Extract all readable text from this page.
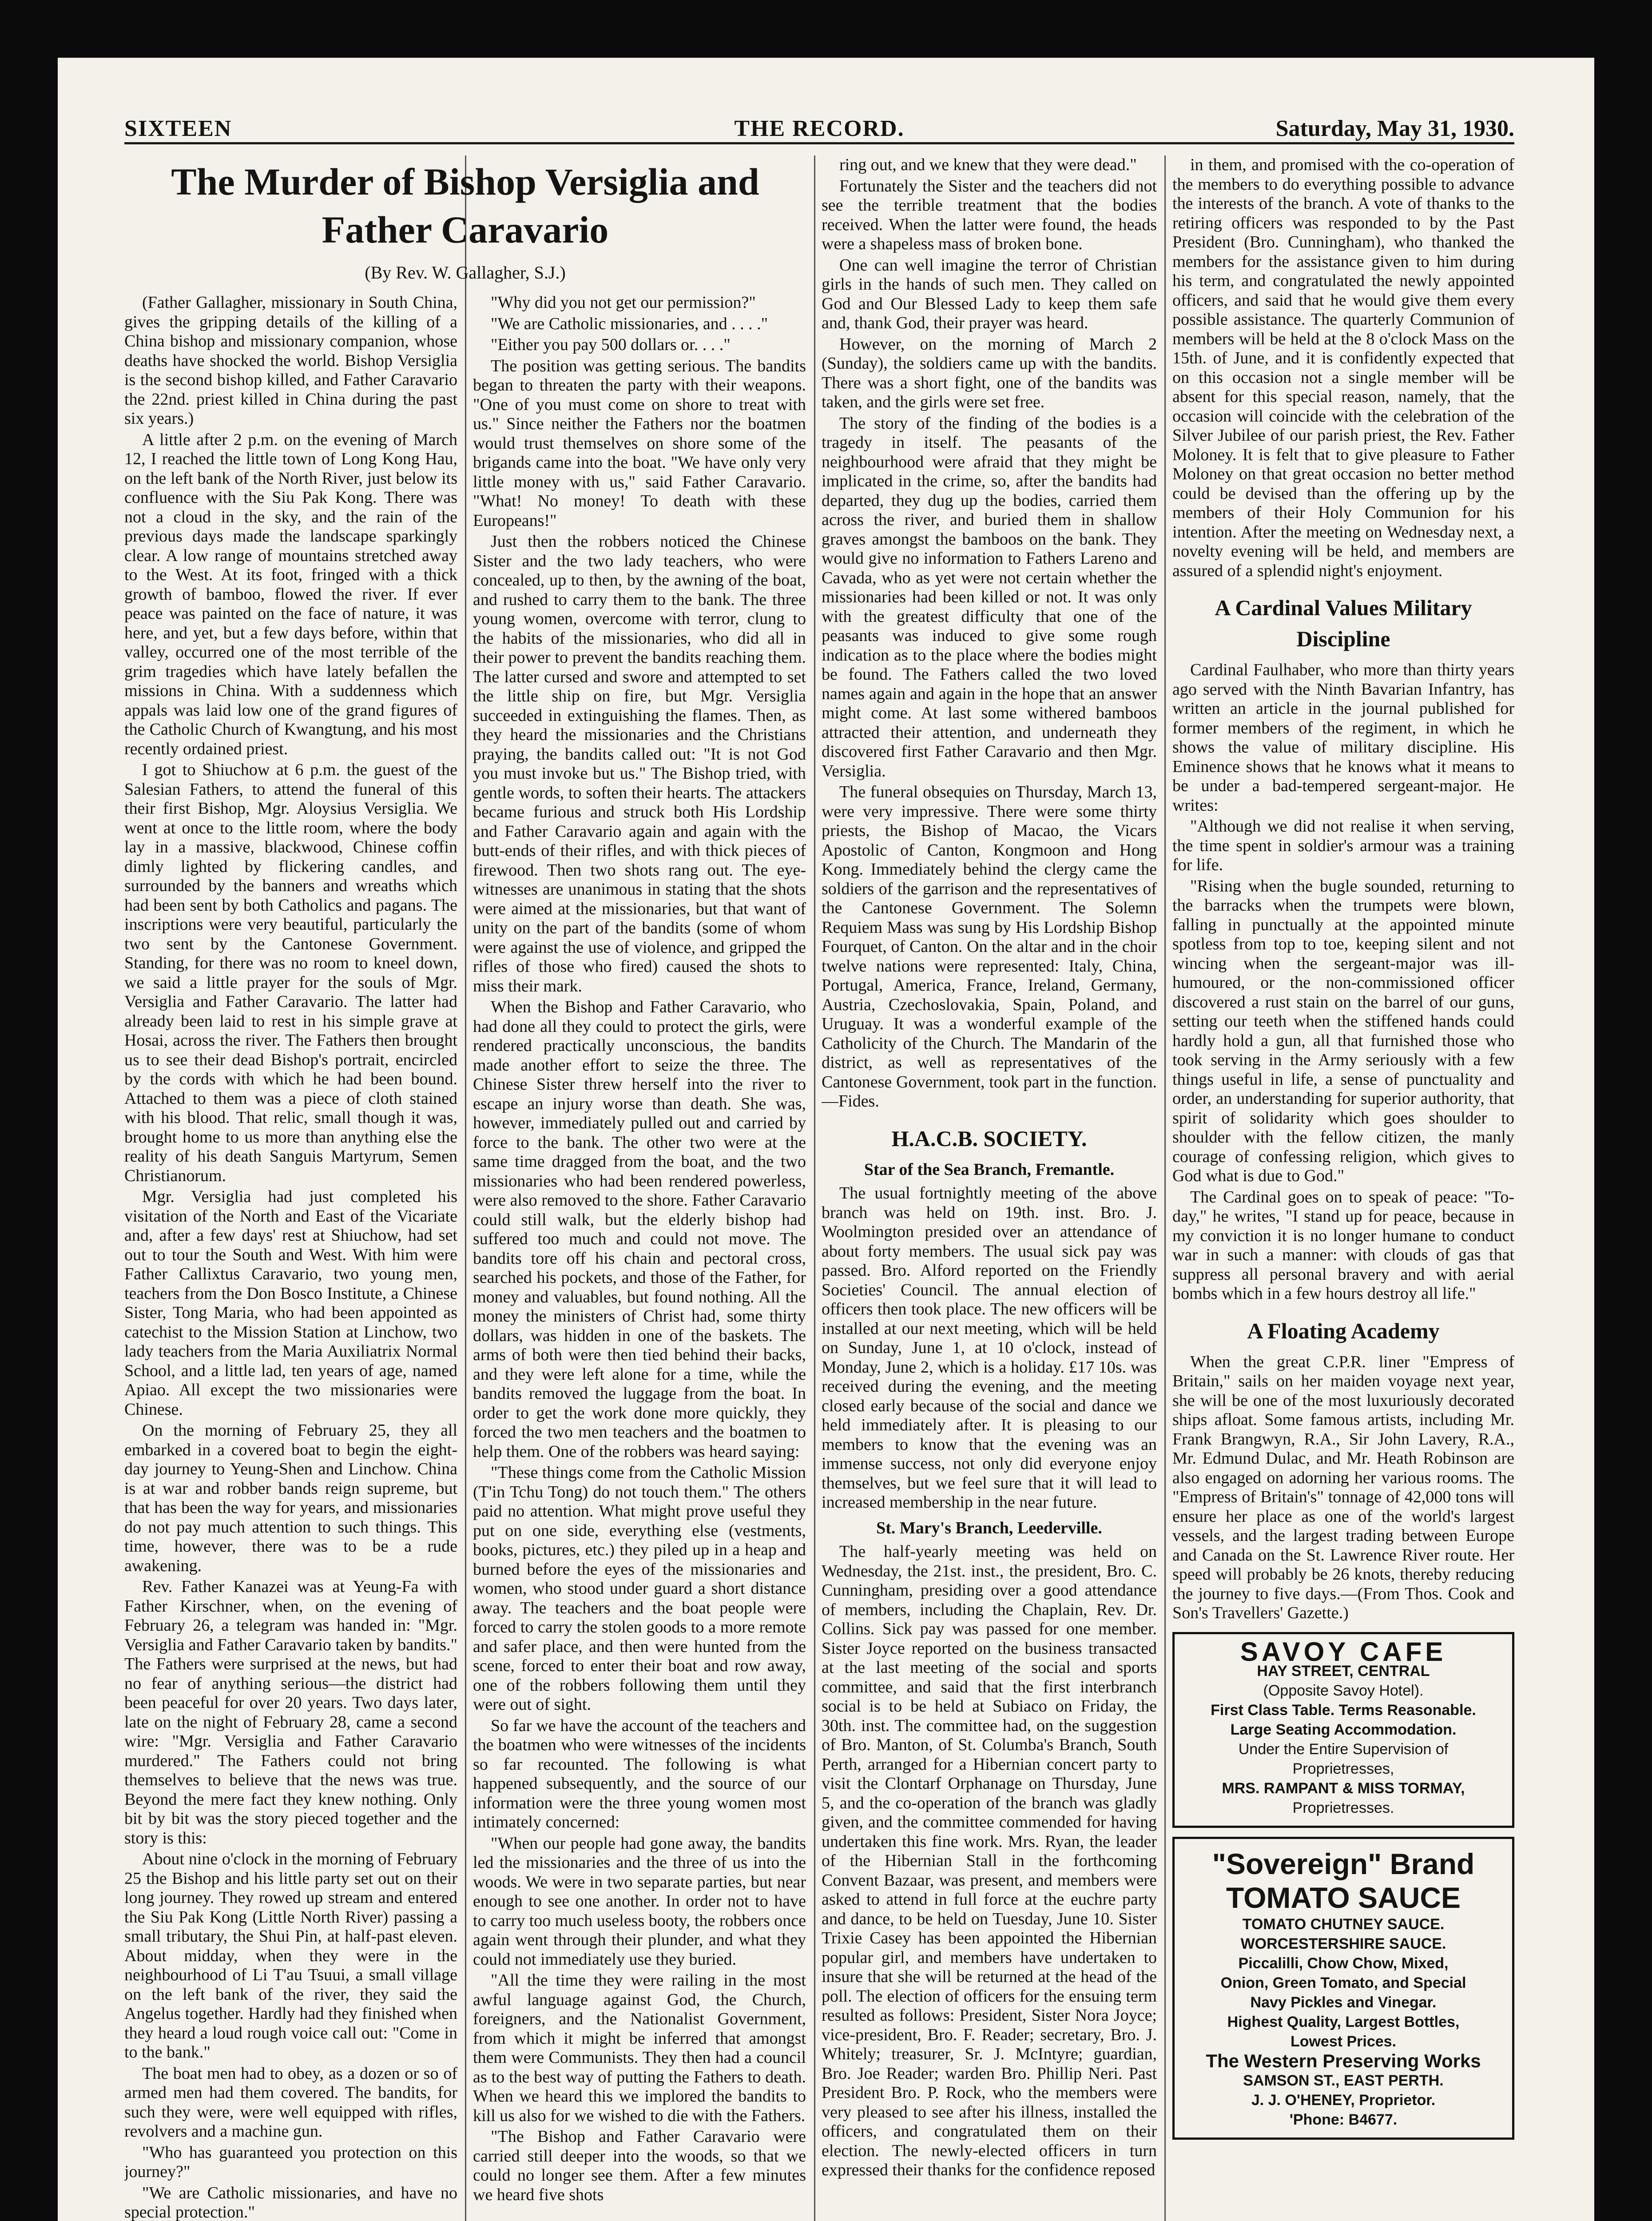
SIXTEEN	THE RECORD.	Saturday, May 31, 1930.
The Murder of Bishop Versiglia and
Father Caravario
(By Rev. W. Gallagher, S.J.)

(Father Gallagher, missionary in South China, gives the gripping details of the killing of a China bishop and missionary companion, whose deaths have shocked the world. Bishop Versiglia is the second bishop killed, and Father Caravario the 22nd. priest killed in China during the past six years.)

A little after 2 p.m. on the evening of March 12, I reached the little town of Long Kong Hau, on the left bank of the North River, just below its confluence with the Siu Pak Kong. There was not a cloud in the sky, and the rain of the previous days made the landscape sparkingly clear. A low range of mountains stretched away to the West. At its foot, fringed with a thick growth of bamboo, flowed the river. If ever peace was painted on the face of nature, it was here, and yet, but a few days before, within that valley, occurred one of the most terrible of the grim tragedies which have lately befallen the missions in China. With a suddenness which appals was laid low one of the grand figures of the Catholic Church of Kwangtung, and his most recently ordained priest.

I got to Shiuchow at 6 p.m. the guest of the Salesian Fathers, to attend the funeral of this their first Bishop, Mgr. Aloysius Versiglia. We went at once to the little room, where the body lay in a massive, blackwood, Chinese coffin dimly lighted by flickering candles, and surrounded by the banners and wreaths which had been sent by both Catholics and pagans. The inscriptions were very beautiful, particularly the two sent by the Cantonese Government. Standing, for there was no room to kneel down, we said a little prayer for the souls of Mgr. Versiglia and Father Caravario. The latter had already been laid to rest in his simple grave at Hosai, across the river. The Fathers then brought us to see their dead Bishop's portrait, encircled by the cords with which he had been bound. Attached to them was a piece of cloth stained with his blood. That relic, small though it was, brought home to us more than anything else the reality of his death Sanguis Martyrum, Semen Christianorum.

Mgr. Versiglia had just completed his visitation of the North and East of the Vicariate and, after a few days' rest at Shiuchow, had set out to tour the South and West. With him were Father Callixtus Caravario, two young men, teachers from the Don Bosco Institute, a Chinese Sister, Tong Maria, who had been appointed as catechist to the Mission Station at Linchow, two lady teachers from the Maria Auxiliatrix Normal School, and a little lad, ten years of age, named Apiao. All except the two missionaries were Chinese.

On the morning of February 25, they all embarked in a covered boat to begin the eight-day journey to Yeung-Shen and Linchow. China is at war and robber bands reign supreme, but that has been the way for years, and missionaries do not pay much attention to such things. This time, however, there was to be a rude awakening.

Rev. Father Kanazei was at Yeung-Fa with Father Kirschner, when, on the evening of February 26, a telegram was handed in: "Mgr. Versiglia and Father Caravario taken by bandits." The Fathers were surprised at the news, but had no fear of anything serious—the district had been peaceful for over 20 years. Two days later, late on the night of February 28, came a second wire: "Mgr. Versiglia and Father Caravario murdered." The Fathers could not bring themselves to believe that the news was true. Beyond the mere fact they knew nothing. Only bit by bit was the story pieced together and the story is this:

About nine o'clock in the morning of February 25 the Bishop and his little party set out on their long journey. They rowed up stream and entered the Siu Pak Kong (Little North River) passing a small tributary, the Shui Pin, at half-past eleven. About midday, when they were in the neighbourhood of Li T'au Tsuui, a small village on the left bank of the river, they said the Angelus together. Hardly had they finished when they heard a loud rough voice call out: "Come in to the bank."

The boat men had to obey, as a dozen or so of armed men had them covered. The bandits, for such they were, were well equipped with rifles, revolvers and a machine gun.

"Who has guaranteed you protection on this journey?"

"We are Catholic missionaries, and have no special protection."

"Why did you not get our permission?"

"We are Catholic missionaries, and . . . ."

"Either you pay 500 dollars or. . . ."

The position was getting serious. The bandits began to threaten the party with their weapons. "One of you must come on shore to treat with us." Since neither the Fathers nor the boatmen would trust themselves on shore some of the brigands came into the boat. "We have only very little money with us," said Father Caravario. "What! No money! To death with these Europeans!"

Just then the robbers noticed the Chinese Sister and the two lady teachers, who were concealed, up to then, by the awning of the boat, and rushed to carry them to the bank. The three young women, overcome with terror, clung to the habits of the missionaries, who did all in their power to prevent the bandits reaching them. The latter cursed and swore and attempted to set the little ship on fire, but Mgr. Versiglia succeeded in extinguishing the flames. Then, as they heard the missionaries and the Christians praying, the bandits called out: "It is not God you must invoke but us." The Bishop tried, with gentle words, to soften their hearts. The attackers became furious and struck both His Lordship and Father Caravario again and again with the butt-ends of their rifles, and with thick pieces of firewood. Then two shots rang out. The eye-witnesses are unanimous in stating that the shots were aimed at the missionaries, but that want of unity on the part of the bandits (some of whom were against the use of violence, and gripped the rifles of those who fired) caused the shots to miss their mark.

When the Bishop and Father Caravario, who had done all they could to protect the girls, were rendered practically unconscious, the bandits made another effort to seize the three. The Chinese Sister threw herself into the river to escape an injury worse than death. She was, however, immediately pulled out and carried by force to the bank. The other two were at the same time dragged from the boat, and the two missionaries who had been rendered powerless, were also removed to the shore. Father Caravario could still walk, but the elderly bishop had suffered too much and could not move. The bandits tore off his chain and pectoral cross, searched his pockets, and those of the Father, for money and valuables, but found nothing. All the money the ministers of Christ had, some thirty dollars, was hidden in one of the baskets. The arms of both were then tied behind their backs, and they were left alone for a time, while the bandits removed the luggage from the boat. In order to get the work done more quickly, they forced the two men teachers and the boatmen to help them. One of the robbers was heard saying:

"These things come from the Catholic Mission (T'in Tchu Tong) do not touch them." The others paid no attention. What might prove useful they put on one side, everything else (vestments, books, pictures, etc.) they piled up in a heap and burned before the eyes of the missionaries and women, who stood under guard a short distance away. The teachers and the boat people were forced to carry the stolen goods to a more remote and safer place, and then were hunted from the scene, forced to enter their boat and row away, one of the robbers following them until they were out of sight.

So far we have the account of the teachers and the boatmen who were witnesses of the incidents so far recounted. The following is what happened subsequently, and the source of our information were the three young women most intimately concerned:

"When our people had gone away, the bandits led the missionaries and the three of us into the woods. We were in two separate parties, but near enough to see one another. In order not to have to carry too much useless booty, the robbers once again went through their plunder, and what they could not immediately use they buried.

"All the time they were railing in the most awful language against God, the Church, foreigners, and the Nationalist Government, from which it might be inferred that amongst them were Communists. They then had a council as to the best way of putting the Fathers to death. When we heard this we implored the bandits to kill us also for we wished to die with the Fathers.

"The Bishop and Father Caravario were carried still deeper into the woods, so that we could no longer see them. After a few minutes we heard five shots

ring out, and we knew that they were dead."

Fortunately the Sister and the teachers did not see the terrible treatment that the bodies received. When the latter were found, the heads were a shapeless mass of broken bone.

One can well imagine the terror of Christian girls in the hands of such men. They called on God and Our Blessed Lady to keep them safe and, thank God, their prayer was heard.

However, on the morning of March 2 (Sunday), the soldiers came up with the bandits. There was a short fight, one of the bandits was taken, and the girls were set free.

The story of the finding of the bodies is a tragedy in itself. The peasants of the neighbourhood were afraid that they might be implicated in the crime, so, after the bandits had departed, they dug up the bodies, carried them across the river, and buried them in shallow graves amongst the bamboos on the bank. They would give no information to Fathers Lareno and Cavada, who as yet were not certain whether the missionaries had been killed or not. It was only with the greatest difficulty that one of the peasants was induced to give some rough indication as to the place where the bodies might be found. The Fathers called the two loved names again and again in the hope that an answer might come. At last some withered bamboos attracted their attention, and underneath they discovered first Father Caravario and then Mgr. Versiglia.

The funeral obsequies on Thursday, March 13, were very impressive. There were some thirty priests, the Bishop of Macao, the Vicars Apostolic of Canton, Kongmoon and Hong Kong. Immediately behind the clergy came the soldiers of the garrison and the representatives of the Cantonese Government. The Solemn Requiem Mass was sung by His Lordship Bishop Fourquet, of Canton. On the altar and in the choir twelve nations were represented: Italy, China, Portugal, America, France, Ireland, Germany, Austria, Czechoslovakia, Spain, Poland, and Uruguay. It was a wonderful example of the Catholicity of the Church. The Mandarin of the district, as well as representatives of the Cantonese Government, took part in the function.—Fides.

H.A.C.B. SOCIETY.
Star of the Sea Branch, Fremantle.

The usual fortnightly meeting of the above branch was held on 19th. inst. Bro. J. Woolmington presided over an attendance of about forty members. The usual sick pay was passed. Bro. Alford reported on the Friendly Societies' Council. The annual election of officers then took place. The new officers will be installed at our next meeting, which will be held on Sunday, June 1, at 10 o'clock, instead of Monday, June 2, which is a holiday. £17 10s. was received during the evening, and the meeting closed early because of the social and dance we held immediately after. It is pleasing to our members to know that the evening was an immense success, not only did everyone enjoy themselves, but we feel sure that it will lead to increased membership in the near future.

St. Mary's Branch, Leederville.

The half-yearly meeting was held on Wednesday, the 21st. inst., the president, Bro. C. Cunningham, presiding over a good attendance of members, including the Chaplain, Rev. Dr. Collins. Sick pay was passed for one member. Sister Joyce reported on the business transacted at the last meeting of the social and sports committee, and said that the first interbranch social is to be held at Subiaco on Friday, the 30th. inst. The committee had, on the suggestion of Bro. Manton, of St. Columba's Branch, South Perth, arranged for a Hibernian concert party to visit the Clontarf Orphanage on Thursday, June 5, and the co-operation of the branch was gladly given, and the committee commended for having undertaken this fine work. Mrs. Ryan, the leader of the Hibernian Stall in the forthcoming Convent Bazaar, was present, and members were asked to attend in full force at the euchre party and dance, to be held on Tuesday, June 10. Sister Trixie Casey has been appointed the Hibernian popular girl, and members have undertaken to insure that she will be returned at the head of the poll. The election of officers for the ensuing term resulted as follows: President, Sister Nora Joyce; vice-president, Bro. F. Reader; secretary, Bro. J. Whitely; treasurer, Sr. J. McIntyre; guardian, Bro. Joe Reader; warden Bro. Phillip Neri. Past President Bro. P. Rock, who the members were very pleased to see after his illness, installed the officers, and congratulated them on their election. The newly-elected officers in turn expressed their thanks for the confidence reposed

in them, and promised with the co-operation of the members to do everything possible to advance the interests of the branch. A vote of thanks to the retiring officers was responded to by the Past President (Bro. Cunningham), who thanked the members for the assistance given to him during his term, and congratulated the newly appointed officers, and said that he would give them every possible assistance. The quarterly Communion of members will be held at the 8 o'clock Mass on the 15th. of June, and it is confidently expected that on this occasion not a single member will be absent for this special reason, namely, that the occasion will coincide with the celebration of the Silver Jubilee of our parish priest, the Rev. Father Moloney. It is felt that to give pleasure to Father Moloney on that great occasion no better method could be devised than the offering up by the members of their Holy Communion for his intention. After the meeting on Wednesday next, a novelty evening will be held, and members are assured of a splendid night's enjoyment.

A Cardinal Values Military
Discipline

Cardinal Faulhaber, who more than thirty years ago served with the Ninth Bavarian Infantry, has written an article in the journal published for former members of the regiment, in which he shows the value of military discipline. His Eminence shows that he knows what it means to be under a bad-tempered sergeant-major. He writes:

"Although we did not realise it when serving, the time spent in soldier's armour was a training for life.

"Rising when the bugle sounded, returning to the barracks when the trumpets were blown, falling in punctually at the appointed minute spotless from top to toe, keeping silent and not wincing when the sergeant-major was ill-humoured, or the non-commissioned officer discovered a rust stain on the barrel of our guns, setting our teeth when the stiffened hands could hardly hold a gun, all that furnished those who took serving in the Army seriously with a few things useful in life, a sense of punctuality and order, an understanding for superior authority, that spirit of solidarity which goes shoulder to shoulder with the fellow citizen, the manly courage of confessing religion, which gives to God what is due to God."

The Cardinal goes on to speak of peace: "To-day," he writes, "I stand up for peace, because in my conviction it is no longer humane to conduct war in such a manner: with clouds of gas that suppress all personal bravery and with aerial bombs which in a few hours destroy all life."

A Floating Academy

When the great C.P.R. liner "Empress of Britain," sails on her maiden voyage next year, she will be one of the most luxuriously decorated ships afloat. Some famous artists, including Mr. Frank Brangwyn, R.A., Sir John Lavery, R.A., Mr. Edmund Dulac, and Mr. Heath Robinson are also engaged on adorning her various rooms. The "Empress of Britain's" tonnage of 42,000 tons will ensure her place as one of the world's largest vessels, and the largest trading between Europe and Canada on the St. Lawrence River route. Her speed will probably be 26 knots, thereby reducing the journey to five days.—(From Thos. Cook and Son's Travellers' Gazette.)

SAVOY CAFE
HAY STREET, CENTRAL
(Opposite Savoy Hotel).
First Class Table. Terms Reasonable.
Large Seating Accommodation.
Under the Entire Supervision of
Proprietresses,
MRS. RAMPANT & MISS TORMAY,
Proprietresses.
"Sovereign" Brand
TOMATO SAUCE
TOMATO CHUTNEY SAUCE.
WORCESTERSHIRE SAUCE.
Piccalilli, Chow Chow, Mixed,
Onion, Green Tomato, and Special
Navy Pickles and Vinegar.
Highest Quality, Largest Bottles,
Lowest Prices.
The Western Preserving Works
SAMSON ST., EAST PERTH.
J. J. O'HENEY, Proprietor.
'Phone: B4677.
